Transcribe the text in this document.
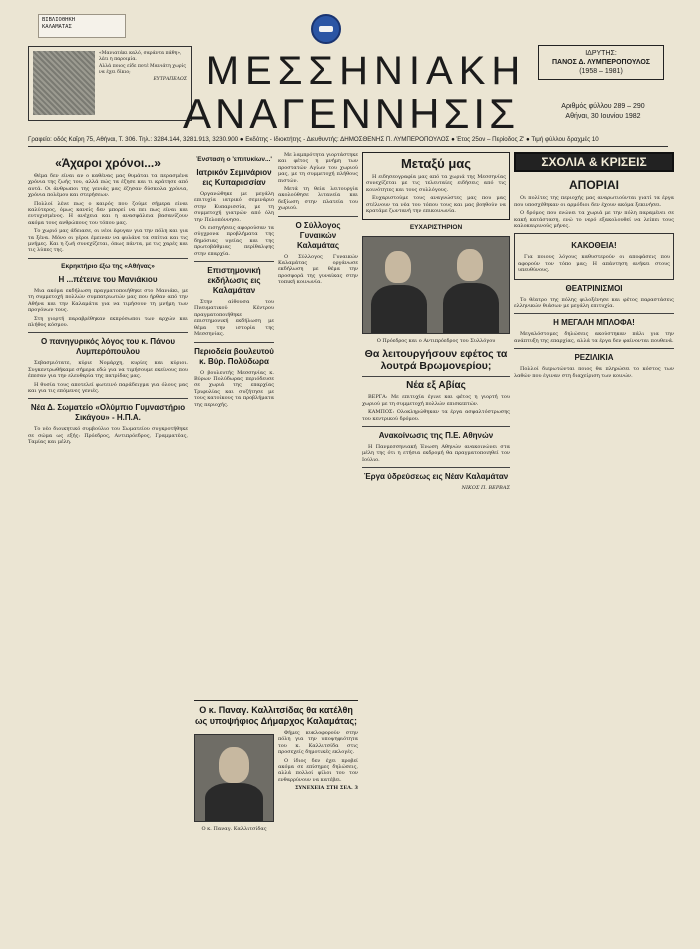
ΒΙΒΛΙΟΘΗΚΗ
ΚΑΛΑΜΑΤΑΣ

«Μανιατάκι καλό, σαράντα πάθη», λέει η παροιμία.

Αλλά ποιος είδε ποτέ Μανιάτη χωρίς να έχει δίκιο;

ΕΥΤΡΑΠΕΛΟΣ ΜΕΣΣΗΝΙΑΚΗ
ΑΝΑΓΕΝΝΗΣΙΣ
ΙΔΡΥΤΗΣ:
ΠΑΝΟΣ Δ. ΛΥΜΠΕΡΟΠΟΥΛΟΣ
(1958 – 1981)
Αριθμός φύλλου 289 – 290
Αθήναι, 30 Ιουνίου 1982
Γραφείο: οδός Καΐρη 75, Αθήναι, Τ. 306. Τηλ.: 3284.144, 3281.913, 3230.900 ● Εκδότης - Ιδιοκτήτης - Διευθυντής: ΔΗΜΟΣΘΕΝΗΣ Π. ΛΥΜΠΕΡΟΠΟΥΛΟΣ ● Έτος 25ον – Περίοδος Ζ' ● Τιμή φύλλου δραχμές 10
«Άχαροι χρόνοι...»

Θέμα δεν είναι αν ο καθένας μας θυμάται τα περασμένα χρόνια της ζωής του, αλλά πώς τα έζησε και τι κράτησε από αυτά. Οι άνθρωποι της γενιάς μας έζησαν δύσκολα χρόνια, χρόνια πολέμου και στερήσεων.

Πολλοί λένε πως ο καιρός που ζούμε σήμερα είναι καλύτερος, όμως κανείς δεν μπορεί να πει πως είναι και ευτυχισμένος. Η ανέχεια και η ανασφάλεια βασανίζουν ακόμα τους ανθρώπους του τόπου μας.

Το χωριό μας άδειασε, οι νέοι έφυγαν για την πόλη και για τα ξένα. Μόνο οι γέροι έμειναν να φυλάνε τα σπίτια και τις μνήμες. Και η ζωή συνεχίζεται, όπως πάντα, με τις χαρές και τις λύπες της.

Εκρηκτήριο έξω της «Αθήνας»
Η ...πέτεινε του Μανιάκιου

Μια ακόμα εκδήλωση πραγματοποιήθηκε στο Μανιάκι, με τη συμμετοχή πολλών συμπατριωτών μας που ήρθαν από την Αθήνα και την Καλαμάτα για να τιμήσουν τη μνήμη των προγόνων τους.

Στη γιορτή παραβρέθηκαν εκπρόσωποι των αρχών και πλήθος κόσμου.

Ο πανηγυρικός λόγος του κ. Πάνου Λυμπερόπουλου

Σεβασμιότατε, κύριε Νομάρχη, κυρίες και κύριοι. Συγκεντρωθήκαμε σήμερα εδώ για να τιμήσουμε εκείνους που έπεσαν για την ελευθερία της πατρίδας μας.

Η θυσία τους αποτελεί φωτεινό παράδειγμα για όλους μας και για τις επόμενες γενιές.

Νέα Δ. Σωματείο «Ολύμπιο Γυμναστήριο Σικάγου» - Η.Π.Α.

Το νέο διοικητικό συμβούλιο του Σωματείου συγκροτήθηκε σε σώμα ως εξής: Πρόεδρος, Αντιπρόεδρος, Γραμματέας, Ταμίας και μέλη.

Ένσταση ο 'επιτυκίων...'
Ιατρικόν Σεμινάριον εις Κυπαρισσίαν

Οργανώθηκε με μεγάλη επιτυχία ιατρικό σεμινάριο στην Κυπαρισσία, με τη συμμετοχή γιατρών από όλη την Πελοπόννησο.

Οι εισηγήσεις αφορούσαν τα σύγχρονα προβλήματα της δημόσιας υγείας και της πρωτοβάθμιας περίθαλψης στην επαρχία.

Επιστημονική εκδήλωσις εις Καλαμάταν

Στην αίθουσα του Πνευματικού Κέντρου πραγματοποιήθηκε επιστημονική εκδήλωση με θέμα την ιστορία της Μεσσηνίας.

Περιοδεία βουλευτού κ. Βύρ. Πολύδωρα

Ο βουλευτής Μεσσηνίας κ. Βύρων Πολύδωρας περιόδευσε σε χωριά της επαρχίας Τριφυλίας και συζήτησε με τους κατοίκους τα προβλήματα της περιοχής.

Με λαμπρότητα γιορτάστηκε και φέτος η μνήμη των προστατών Αγίων του χωριού μας, με τη συμμετοχή πλήθους πιστών.

Μετά τη θεία λειτουργία ακολούθησε λιτανεία και δεξίωση στην πλατεία του χωριού.

Ο Σύλλογος Γυναικών Καλαμάτας

Ο Σύλλογος Γυναικών Καλαμάτας οργάνωσε εκδήλωση με θέμα την προσφορά της γυναίκας στην τοπική κοινωνία.

Ο κ. Παναγ. Καλλιτσίδας θα κατέλθη ως υποψήφιος Δήμαρχος Καλαμάτας;
Ο κ. Παναγ. Καλλιτσίδας

Φήμες κυκλοφορούν στην πόλη για την υποψηφιότητα του κ. Καλλιτσίδα στις προσεχείς δημοτικές εκλογές.

Ο ίδιος δεν έχει προβεί ακόμα σε επίσημες δηλώσεις, αλλά πολλοί φίλοι του τον ενθαρρύνουν να κατέβει.

ΣΥΝΕΧΕΙΑ ΣΤΗ ΣΕΛ. 3

Μεταξύ μας

Η ειδησεογραφία μας από τα χωριά της Μεσσηνίας συνεχίζεται με τις τελευταίες ειδήσεις από τις κοινότητες και τους συλλόγους.

Ευχαριστούμε τους αναγνώστες μας που μας στέλνουν τα νέα του τόπου τους και μας βοηθούν να κρατάμε ζωντανή την επικοινωνία.

ΕΥΧΑΡΙΣΤΗΡΙΟΝ
Ο Πρόεδρος και ο Αντιπρόεδρος του Συλλόγου
Θα λειτουργήσουν εφέτος τα λουτρά Βρωμονερίου;
Νέα εξ Αβίας

ΒΕΡΓΑ: Με επιτυχία έγινε και φέτος η γιορτή του χωριού με τη συμμετοχή πολλών επισκεπτών.

ΚΑΜΠΟΣ: Ολοκληρώθηκαν τα έργα ασφαλτόστρωσης του κεντρικού δρόμου.

Ανακοίνωσις της Π.Ε. Αθηνών

Η Πανμεσσηνιακή Ένωση Αθηνών ανακοινώνει στα μέλη της ότι η ετήσια εκδρομή θα πραγματοποιηθεί τον Ιούλιο.

Έργα ύδρεύσεως εις Νέαν Καλαμάταν

ΝΙΚΟΣ Π. ΒΕΡΒΑΣ

ΣΧΟΛΙΑ & ΚΡΙΣΕΙΣ
ΑΠΟΡΙΑΙ

Οι πολίτες της περιοχής μας αναρωτιούνται γιατί τα έργα που υποσχέθηκαν οι αρμόδιοι δεν έχουν ακόμα ξεκινήσει.

Ο δρόμος που ενώνει τα χωριά με την πόλη παραμένει σε κακή κατάσταση, ενώ το νερό εξακολουθεί να λείπει τους καλοκαιρινούς μήνες.

ΚΑΚΟΘΕΙΑ!

Για ποιους λόγους καθυστερούν οι αποφάσεις που αφορούν τον τόπο μας; Η απάντηση ανήκει στους υπευθύνους.

ΘΕΑΤΡΙΝΙΣΜΟΙ

Το θέατρο της πόλης φιλοξένησε και φέτος παραστάσεις ελληνικών θιάσων με μεγάλη επιτυχία.

Η ΜΕΓΑΛΗ ΜΠΛΟΦΑ!

Μεγαλόστομες δηλώσεις ακούστηκαν πάλι για την ανάπτυξη της επαρχίας, αλλά τα έργα δεν φαίνονται πουθενά.

ΡΕΖΙΛΙΚΙΑ

Πολλοί διερωτώνται ποιος θα πληρώσει το κόστος των λαθών που έγιναν στη διαχείριση των κοινών.
